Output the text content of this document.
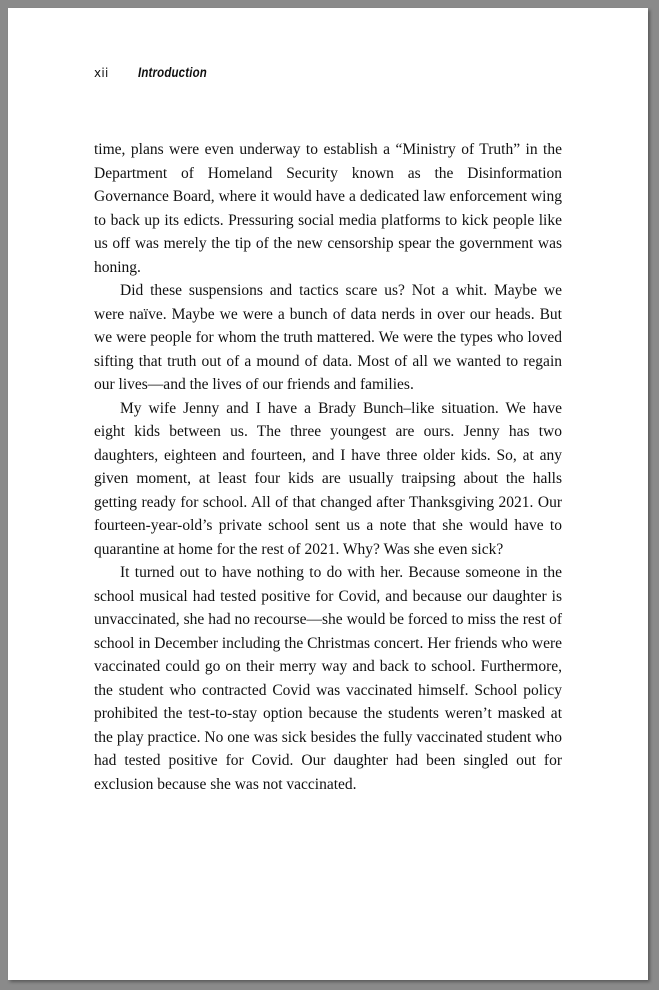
xii	Introduction

time, plans were even underway to establish a “Ministry of Truth” in the Department of Homeland Security known as the Disinformation Governance Board, where it would have a dedicated law enforcement wing to back up its edicts. Pressuring social media platforms to kick people like us off was merely the tip of the new censorship spear the government was honing.

Did these suspensions and tactics scare us? Not a whit. Maybe we were naïve. Maybe we were a bunch of data nerds in over our heads. But we were people for whom the truth mattered. We were the types who loved sifting that truth out of a mound of data. Most of all we wanted to regain our lives—and the lives of our friends and families.

My wife Jenny and I have a Brady Bunch–like situation. We have eight kids between us. The three youngest are ours. Jenny has two daughters, eighteen and fourteen, and I have three older kids. So, at any given moment, at least four kids are usually traipsing about the halls getting ready for school. All of that changed after Thanksgiving 2021. Our fourteen-year-old’s private school sent us a note that she would have to quarantine at home for the rest of 2021. Why? Was she even sick?

It turned out to have nothing to do with her. Because someone in the school musical had tested positive for Covid, and because our daughter is unvaccinated, she had no recourse—she would be forced to miss the rest of school in December including the Christmas concert. Her friends who were vaccinated could go on their merry way and back to school. Furthermore, the student who contracted Covid was vaccinated himself. School policy prohibited the test-to-stay option because the students weren’t masked at the play practice. No one was sick besides the fully vaccinated student who had tested positive for Covid. Our daughter had been singled out for exclusion because she was not vaccinated.
